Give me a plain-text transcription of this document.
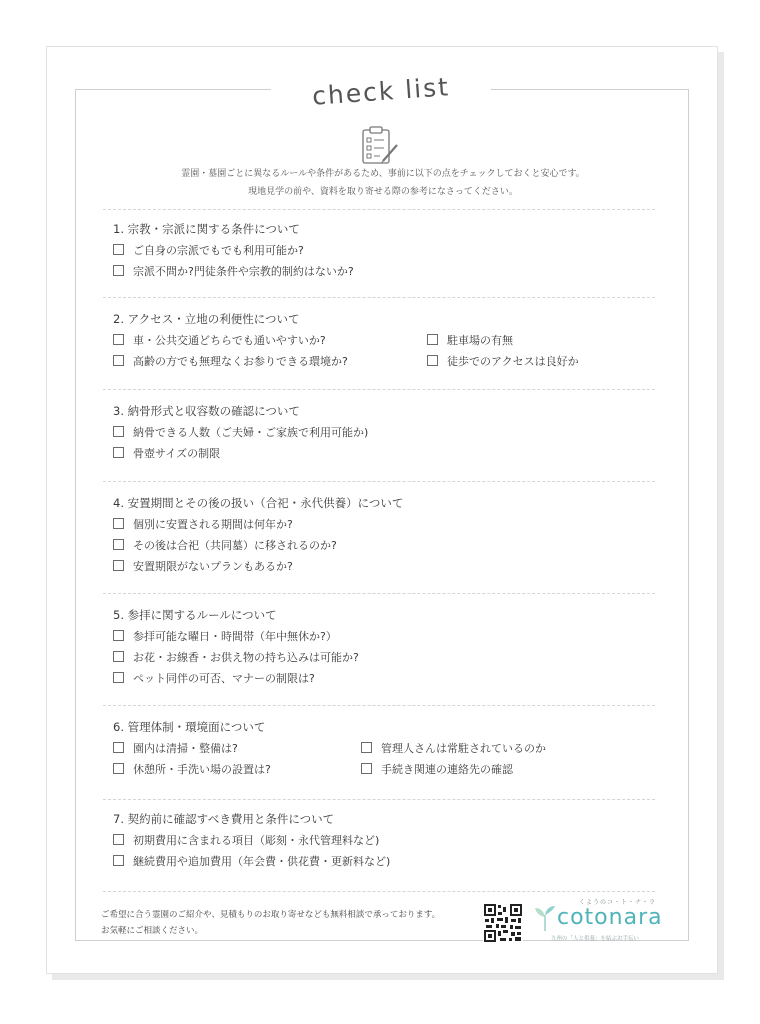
check list
霊園・墓園ごとに異なるルールや条件があるため、事前に以下の点をチェックしておくと安心です。
現地見学の前や、資料を取り寄せる際の参考になさってください。
1. 宗教・宗派に関する条件について
ご自身の宗派でもでも利用可能か?
宗派不問か?門徒条件や宗教的制約はないか?
2. アクセス・立地の利便性について
車・公共交通どちらでも通いやすいか?	駐車場の有無
高齢の方でも無理なくお参りできる環境か?	徒歩でのアクセスは良好か
3. 納骨形式と収容数の確認について
納骨できる人数（ご夫婦・ご家族で利用可能か)
骨壺サイズの制限
4. 安置期間とその後の扱い（合祀・永代供養）について
個別に安置される期間は何年か?
その後は合祀（共同墓）に移されるのか?
安置期限がないプランもあるか?
5. 参拝に関するルールについて
参拝可能な曜日・時間帯（年中無休か?）
お花・お線香・お供え物の持ち込みは可能か?
ペット同伴の可否、マナーの制限は?
6. 管理体制・環境面について
園内は清掃・整備は?	管理人さんは常駐されているのか
休憩所・手洗い場の設置は?	手続き関連の連絡先の確認
7. 契約前に確認すべき費用と条件について
初期費用に含まれる項目（彫刻・永代管理料など)
継続費用や追加費用（年会費・供花費・更新料など)
ご希望に合う霊園のご紹介や、見積もりのお取り寄せなども無料相談で承っております。
お気軽にご相談ください。
くようのコ・ト・ナ・ラ
cotonara
九州の「人と供養」を結ぶお手伝い
